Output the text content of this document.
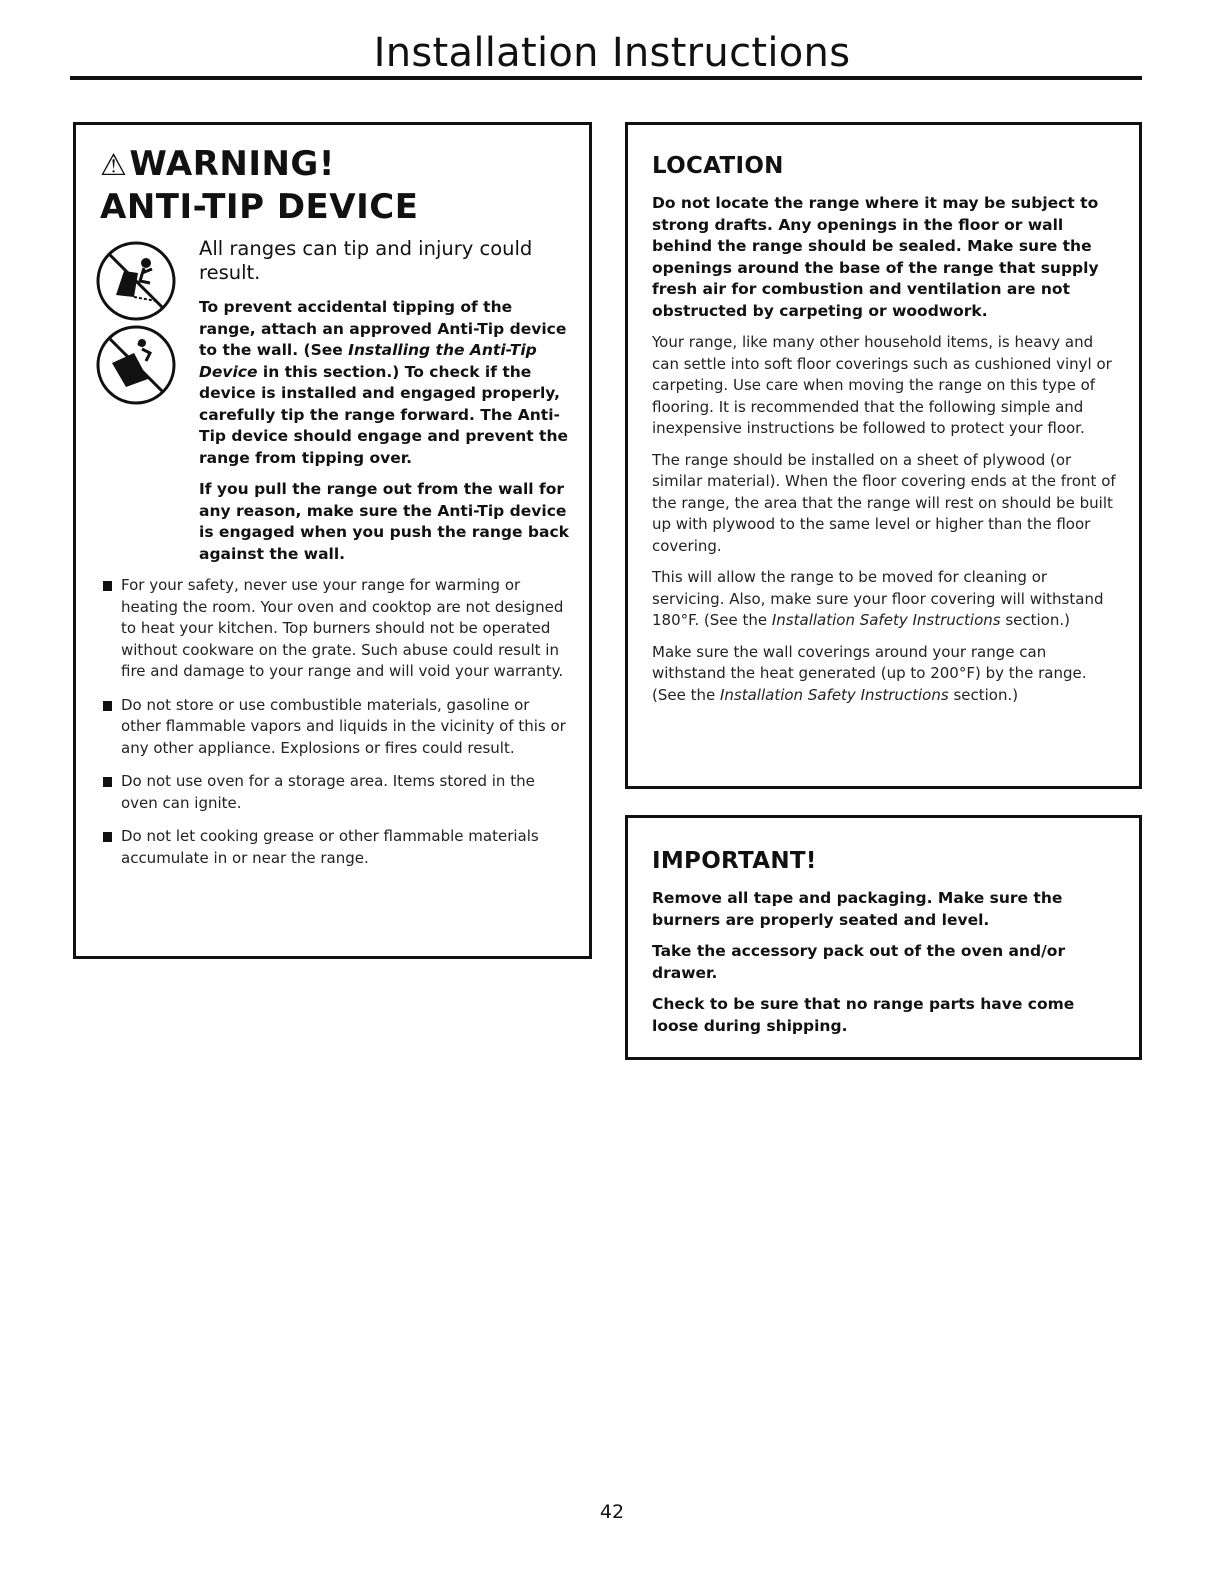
Installation Instructions
⚠WARNING!
ANTI-TIP DEVICE

All ranges can tip and injury could result.

To prevent accidental tipping of the range, attach an approved Anti-Tip device to the wall. (See Installing the Anti-Tip Device in this section.) To check if the device is installed and engaged properly, carefully tip the range forward. The Anti-Tip device should engage and prevent the range from tipping over.

If you pull the range out from the wall for any reason, make sure the Anti-Tip device is engaged when you push the range back against the wall.

For your safety, never use your range for warming or heating the room. Your oven and cooktop are not designed to heat your kitchen. Top burners should not be operated without cookware on the grate. Such abuse could result in fire and damage to your range and will void your warranty.
Do not store or use combustible materials, gasoline or other flammable vapors and liquids in the vicinity of this or any other appliance. Explosions or fires could result.
Do not use oven for a storage area. Items stored in the oven can ignite.
Do not let cooking grease or other flammable materials accumulate in or near the range.
LOCATION

Do not locate the range where it may be subject to strong drafts. Any openings in the floor or wall behind the range should be sealed. Make sure the openings around the base of the range that supply fresh air for combustion and ventilation are not obstructed by carpeting or woodwork.

Your range, like many other household items, is heavy and can settle into soft floor coverings such as cushioned vinyl or carpeting. Use care when moving the range on this type of flooring. It is recommended that the following simple and inexpensive instructions be followed to protect your floor.

The range should be installed on a sheet of plywood (or similar material). When the floor covering ends at the front of the range, the area that the range will rest on should be built up with plywood to the same level or higher than the floor covering.

This will allow the range to be moved for cleaning or servicing. Also, make sure your floor covering will withstand 180°F. (See the Installation Safety Instructions section.)

Make sure the wall coverings around your range can withstand the heat generated (up to 200°F) by the range. (See the Installation Safety Instructions section.)

IMPORTANT!

Remove all tape and packaging. Make sure the burners are properly seated and level.

Take the accessory pack out of the oven and/or drawer.

Check to be sure that no range parts have come loose during shipping.

42
